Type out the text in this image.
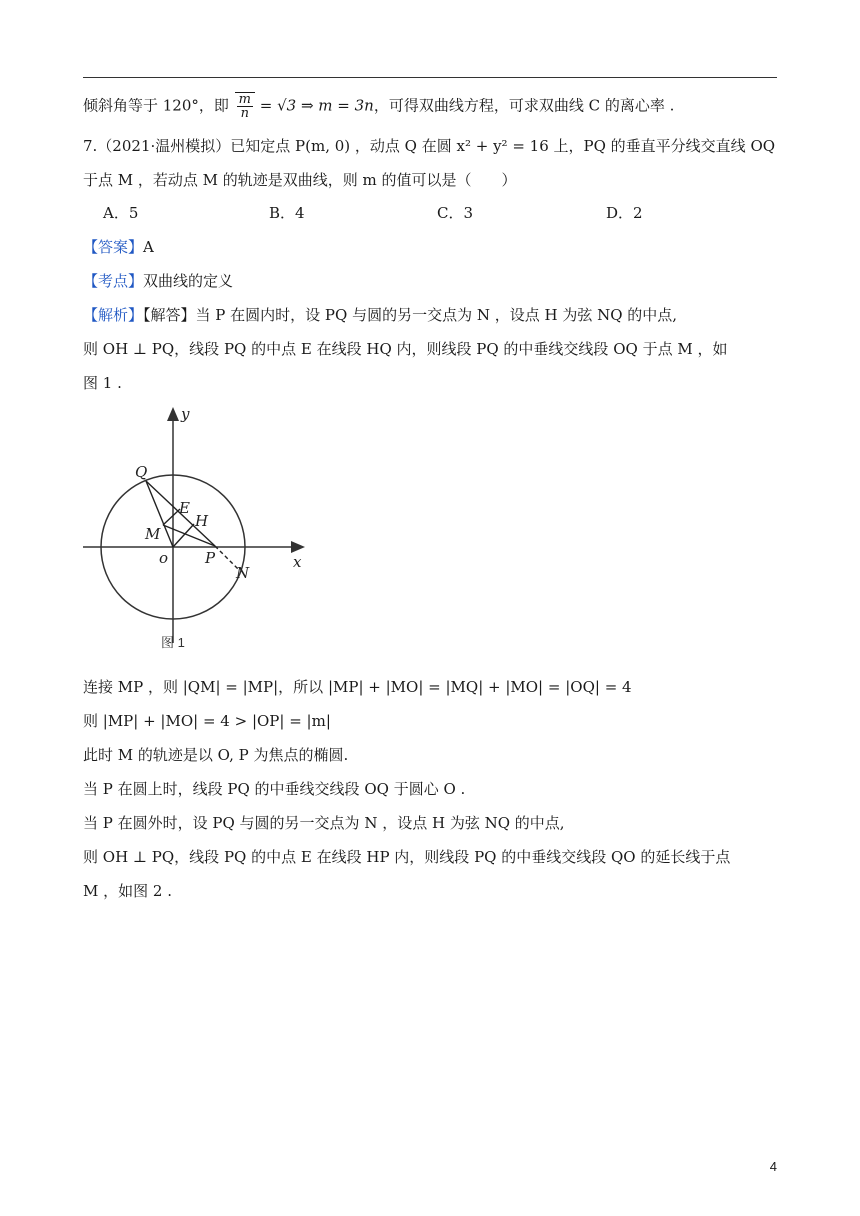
倾斜角等于 120°，即 $\frac{m}{n} = √3$ ⇒ m = 3n，可得双曲线方程，可求双曲线 C 的离心率 .
7.（2021·温州模拟）已知定点 P(m, 0) ，动点 Q 在圆 x² + y² = 16 上，PQ 的垂直平分线交直线 OQ
于点 M ，若动点 M 的轨迹是双曲线，则 m 的值可以是（　　）
A．5	B．4	C．3	D．2
【答案】A
【考点】双曲线的定义
【解析】【解答】当 P 在圆内时，设 PQ 与圆的另一交点为 N ，设点 H 为弦 NQ 的中点,
则 OH ⊥ PQ，线段 PQ 的中点 E 在线段 HQ 内，则线段 PQ 的中垂线交线段 OQ 于点 M ，如
图 1 .
y
x
Q
E
H
M
o P
N
图 1
连接 MP ，则 |QM| = |MP|，所以 |MP| + |MO| = |MQ| + |MO| = |OQ| = 4
则 |MP| + |MO| = 4 > |OP| = |m|
此时 M 的轨迹是以 O, P 为焦点的椭圆.
当 P 在圆上时，线段 PQ 的中垂线交线段 OQ 于圆心 O .
当 P 在圆外时，设 PQ 与圆的另一交点为 N ，设点 H 为弦 NQ 的中点,
则 OH ⊥ PQ，线段 PQ 的中点 E 在线段 HP 内，则线段 PQ 的中垂线交线段 QO 的延长线于点
M ，如图 2 .
4
